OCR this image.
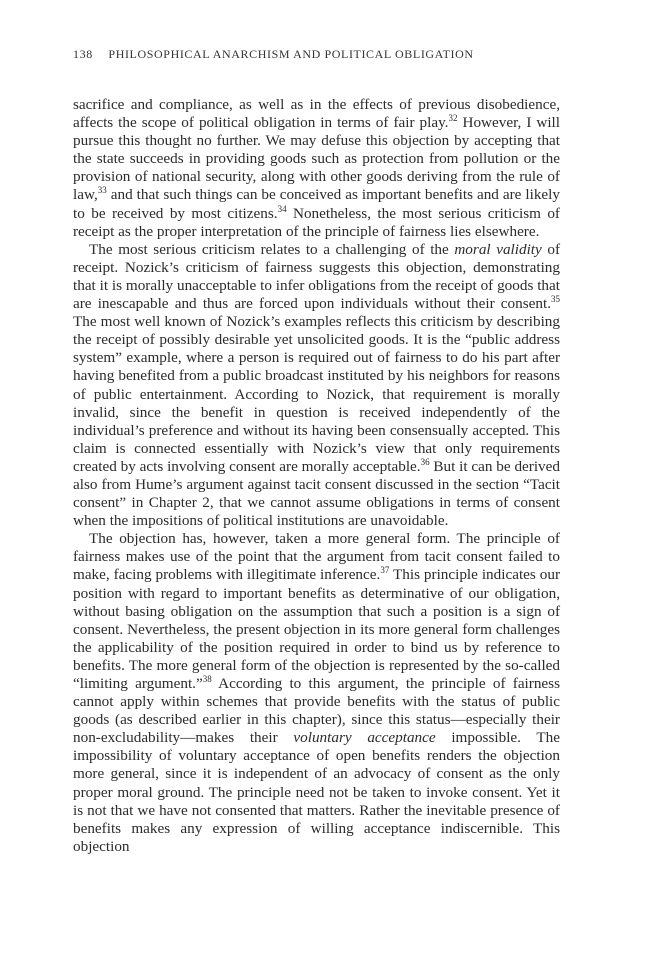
138 PHILOSOPHICAL ANARCHISM AND POLITICAL OBLIGATION

sacrifice and compliance, as well as in the effects of previous disobedience, affects the scope of political obligation in terms of fair play.$^{32}$ However, I will pursue this thought no further. We may defuse this objection by accepting that the state succeeds in providing goods such as protection from pollution or the provision of national security, along with other goods deriving from the rule of law,$^{33}$ and that such things can be conceived as important benefits and are likely to be received by most citizens.$^{34}$ Nonetheless, the most serious criticism of receipt as the proper interpretation of the principle of fairness lies elsewhere.

The most serious criticism relates to a challenging of the moral validity of receipt. Nozick’s criticism of fairness suggests this objection, demonstrating that it is morally unacceptable to infer obligations from the receipt of goods that are inescapable and thus are forced upon individuals without their consent.$^{35}$ The most well known of Nozick’s examples reflects this criticism by describing the receipt of possibly desirable yet unsolicited goods. It is the “public address system” example, where a person is required out of fairness to do his part after having benefited from a public broadcast instituted by his neighbors for reasons of public entertainment. According to Nozick, that requirement is morally invalid, since the benefit in question is received independently of the individual’s preference and without its having been consensually accepted. This claim is connected essentially with Nozick’s view that only requirements created by acts involving consent are morally acceptable.$^{36}$ But it can be derived also from Hume’s argument against tacit consent discussed in the section “Tacit consent” in Chapter 2, that we cannot assume obligations in terms of consent when the impositions of political institutions are unavoidable.

The objection has, however, taken a more general form. The principle of fairness makes use of the point that the argument from tacit consent failed to make, facing problems with illegitimate inference.$^{37}$ This principle indicates our position with regard to important benefits as determinative of our obligation, without basing obligation on the assumption that such a position is a sign of consent. Nevertheless, the present objection in its more general form challenges the applicability of the position required in order to bind us by reference to benefits. The more general form of the objection is represented by the so-called “limiting argument.”$^{38}$ According to this argument, the principle of fairness cannot apply within schemes that provide benefits with the status of public goods (as described earlier in this chapter), since this status—especially their non-excludability—makes their voluntary acceptance impossible. The impossibility of voluntary acceptance of open benefits renders the objection more general, since it is independent of an advocacy of consent as the only proper moral ground. The principle need not be taken to invoke consent. Yet it is not that we have not consented that matters. Rather the inevitable presence of benefits makes any expression of willing acceptance indiscernible. This objection
